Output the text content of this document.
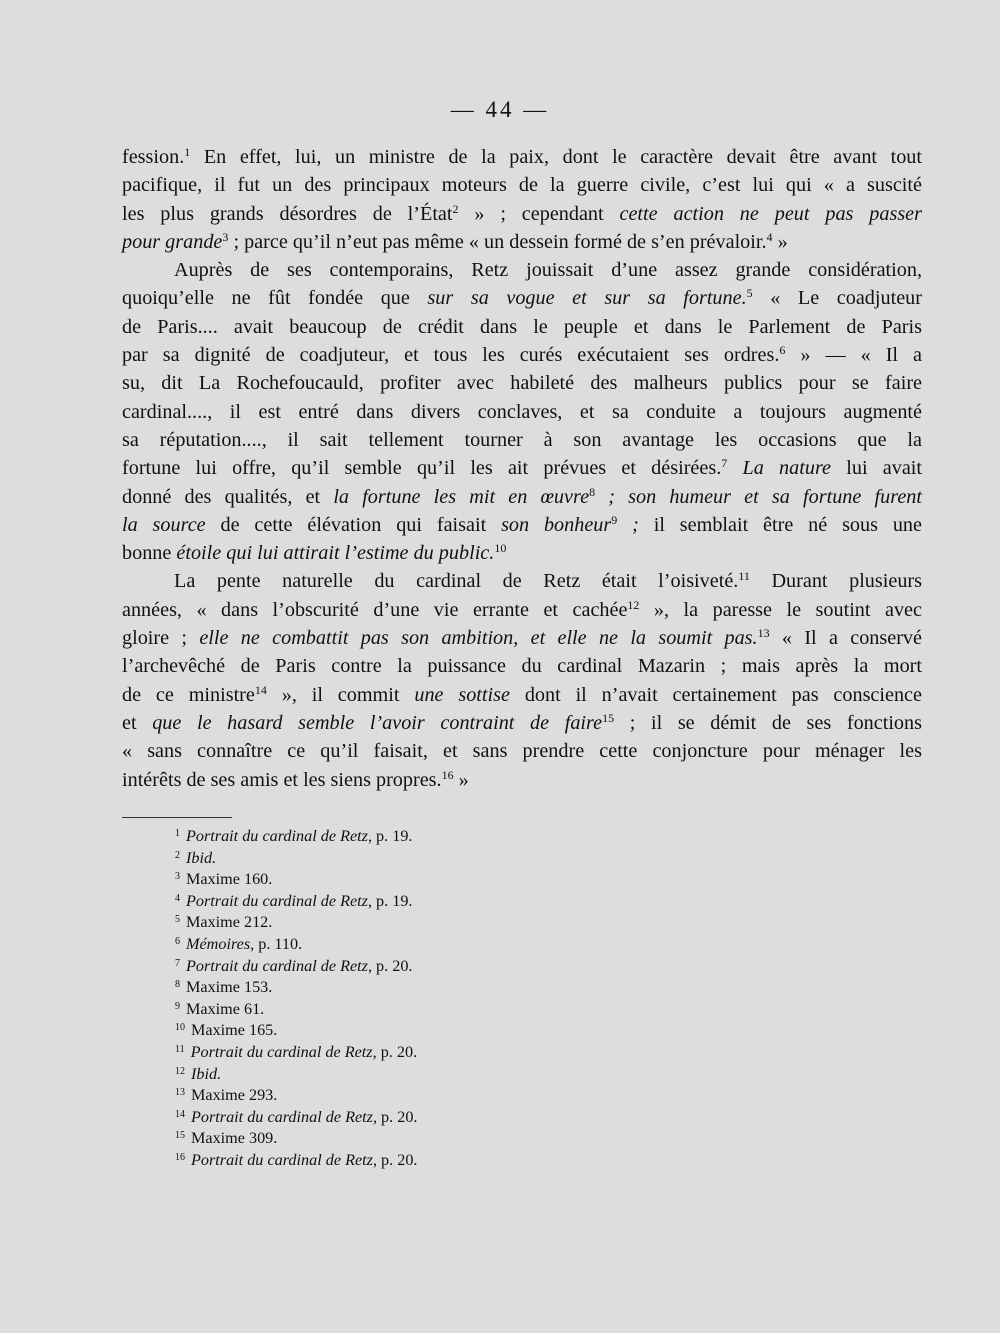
— 44 —
fession.$^1$ En effet, lui, un ministre de la paix, dont le caractère devait être avant tout
pacifique, il fut un des principaux moteurs de la guerre civile, c’est lui qui « a suscité
les plus grands désordres de l’État$^2$ » ; cependant cette action ne peut pas passer
pour grande$^3$ ; parce qu’il n’eut pas même « un dessein formé de s’en prévaloir.$^4$ »
Auprès de ses contemporains, Retz jouissait d’une assez grande considération,
quoiqu’elle ne fût fondée que sur sa vogue et sur sa fortune.$^5$ « Le coadjuteur
de Paris.... avait beaucoup de crédit dans le peuple et dans le Parlement de Paris
par sa dignité de coadjuteur, et tous les curés exécutaient ses ordres.$^6$ » — « Il a
su, dit La Rochefoucauld, profiter avec habileté des malheurs publics pour se faire
cardinal...., il est entré dans divers conclaves, et sa conduite a toujours augmenté
sa réputation...., il sait tellement tourner à son avantage les occasions que la
fortune lui offre, qu’il semble qu’il les ait prévues et désirées.$^7$ La nature lui avait
donné des qualités, et la fortune les mit en œuvre$^8$ ; son humeur et sa fortune furent
la source de cette élévation qui faisait son bonheur$^9$ ; il semblait être né sous une
bonne étoile qui lui attirait l’estime du public.$^{10}$
La pente naturelle du cardinal de Retz était l’oisiveté.$^{11}$ Durant plusieurs
années, « dans l’obscurité d’une vie errante et cachée$^{12}$ », la paresse le soutint avec
gloire ; elle ne combattit pas son ambition, et elle ne la soumit pas.$^{13}$ « Il a conservé
l’archevêché de Paris contre la puissance du cardinal Mazarin ; mais après la mort
de ce ministre$^{14}$ », il commit une sottise dont il n’avait certainement pas conscience
et que le hasard semble l’avoir contraint de faire$^{15}$ ; il se démit de ses fonctions
« sans connaître ce qu’il faisait, et sans prendre cette conjoncture pour ménager les
intérêts de ses amis et les siens propres.$^{16}$ »
$^1$ Portrait du cardinal de Retz, p. 19.
$^2$ Ibid.
$^3$ Maxime 160.
$^4$ Portrait du cardinal de Retz, p. 19.
$^5$ Maxime 212.
$^6$ Mémoires, p. 110.
$^7$ Portrait du cardinal de Retz, p. 20.
$^8$ Maxime 153.
$^9$ Maxime 61.
$^{10}$ Maxime 165.
$^{11}$ Portrait du cardinal de Retz, p. 20.
$^{12}$ Ibid.
$^{13}$ Maxime 293.
$^{14}$ Portrait du cardinal de Retz, p. 20.
$^{15}$ Maxime 309.
$^{16}$ Portrait du cardinal de Retz, p. 20.
